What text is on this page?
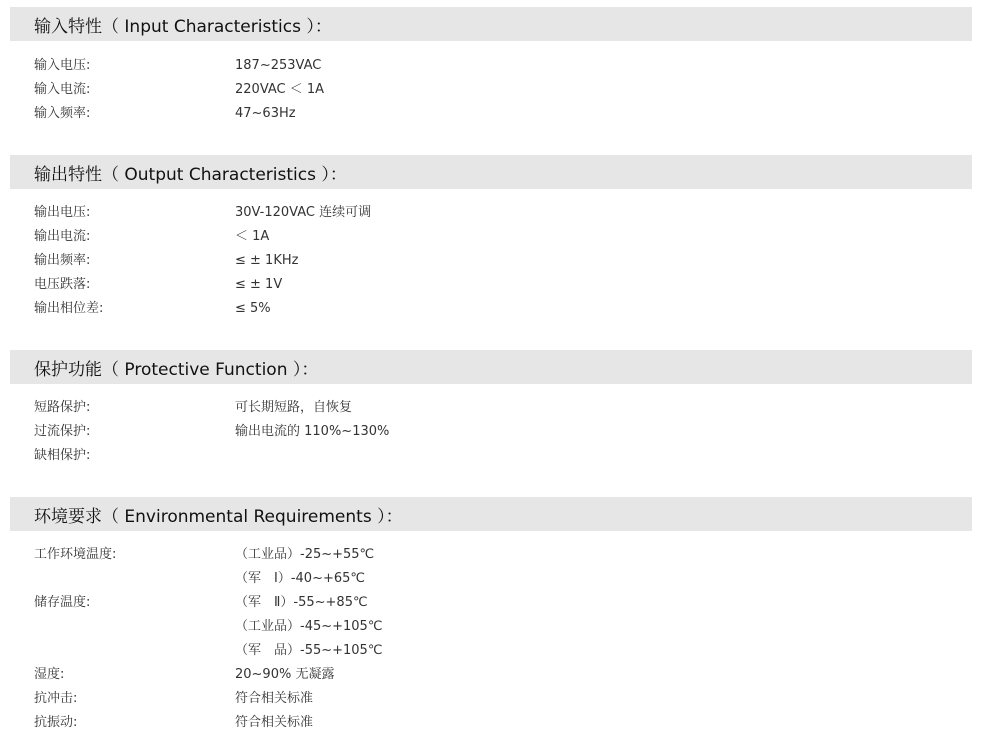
输入特性（ Input Characteristics ）：
输入电压:	187~253VAC
输入电流:	220VAC ＜ 1A
输入频率:	47~63Hz
输出特性（ Output Characteristics ）：
输出电压:	30V-120VAC 连续可调
输出电流:	＜ 1A
输出频率:	≤ ± 1KHz
电压跌落:	≤ ± 1V
输出相位差:	≤ 5%
保护功能（ Protective Function ）：
短路保护:	可长期短路，自恢复
过流保护:	输出电流的 110%~130%
缺相保护:
环境要求（ Environmental Requirements ）：
工作环境温度:	（工业品）-25~+55℃
（军　Ⅰ）-40~+65℃
储存温度:	（军　Ⅱ）-55~+85℃
（工业品）-45~+105℃
（军　品）-55~+105℃
湿度:	20~90% 无凝露
抗冲击:	符合相关标准
抗振动:	符合相关标准
